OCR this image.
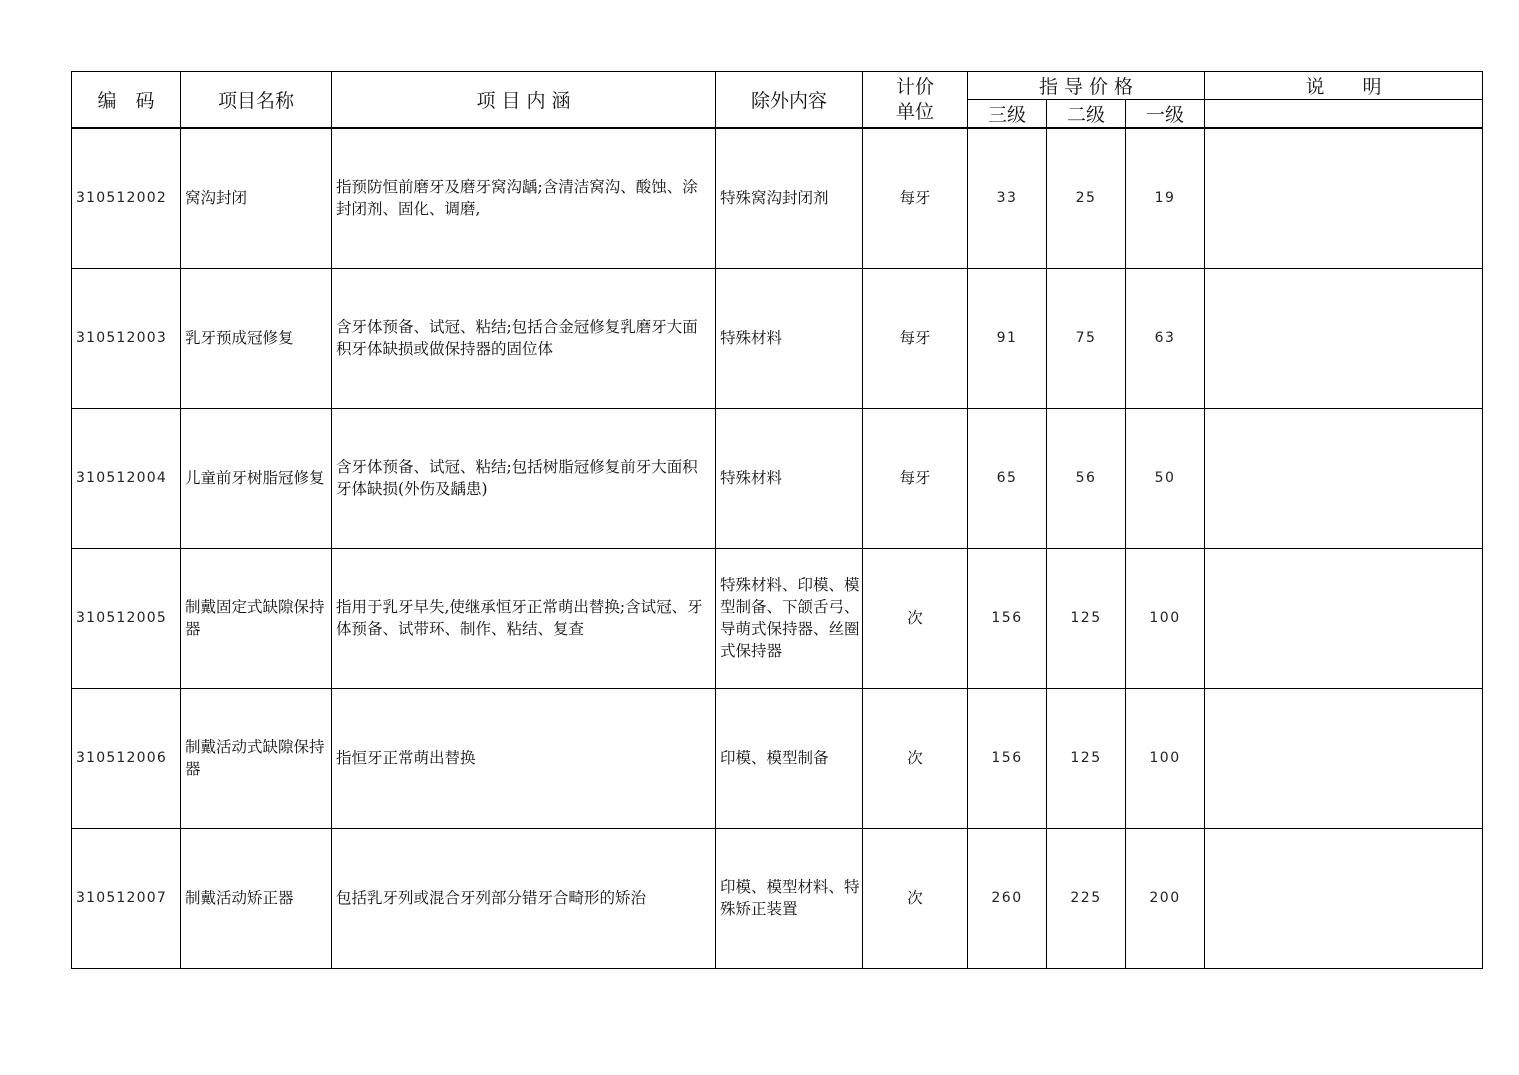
编　码	项目名称	项 目 内 涵	除外内容	计价单位	指 导 价 格			说　　明
					三级	二级	一级	
310512002	窝沟封闭	指预防恒前磨牙及磨牙窝沟龋;含清洁窝沟、酸蚀、涂封闭剂、固化、调磨,	特殊窝沟封闭剂	每牙	33	25	19	
310512003	乳牙预成冠修复	含牙体预备、试冠、粘结;包括合金冠修复乳磨牙大面积牙体缺损或做保持器的固位体	特殊材料	每牙	91	75	63	
310512004	儿童前牙树脂冠修复	含牙体预备、试冠、粘结;包括树脂冠修复前牙大面积牙体缺损(外伤及龋患)	特殊材料	每牙	65	56	50	
310512005	制戴固定式缺隙保持器	指用于乳牙早失,使继承恒牙正常萌出替换;含试冠、牙体预备、试带环、制作、粘结、复查	特殊材料、印模、模型制备、下颌舌弓、导萌式保持器、丝圈式保持器	次	156	125	100	
310512006	制戴活动式缺隙保持器	指恒牙正常萌出替换	印模、模型制备	次	156	125	100	
310512007	制戴活动矫正器	包括乳牙列或混合牙列部分错牙合畸形的矫治	印模、模型材料、特殊矫正装置	次	260	225	200	
